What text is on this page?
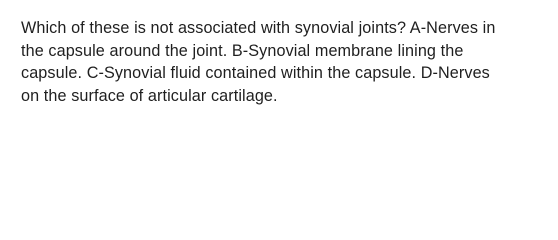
Which of these is not associated with synovial joints? A-Nerves in
the capsule around the joint. B-Synovial membrane lining the
capsule. C-Synovial fluid contained within the capsule. D-Nerves
on the surface of articular cartilage.
